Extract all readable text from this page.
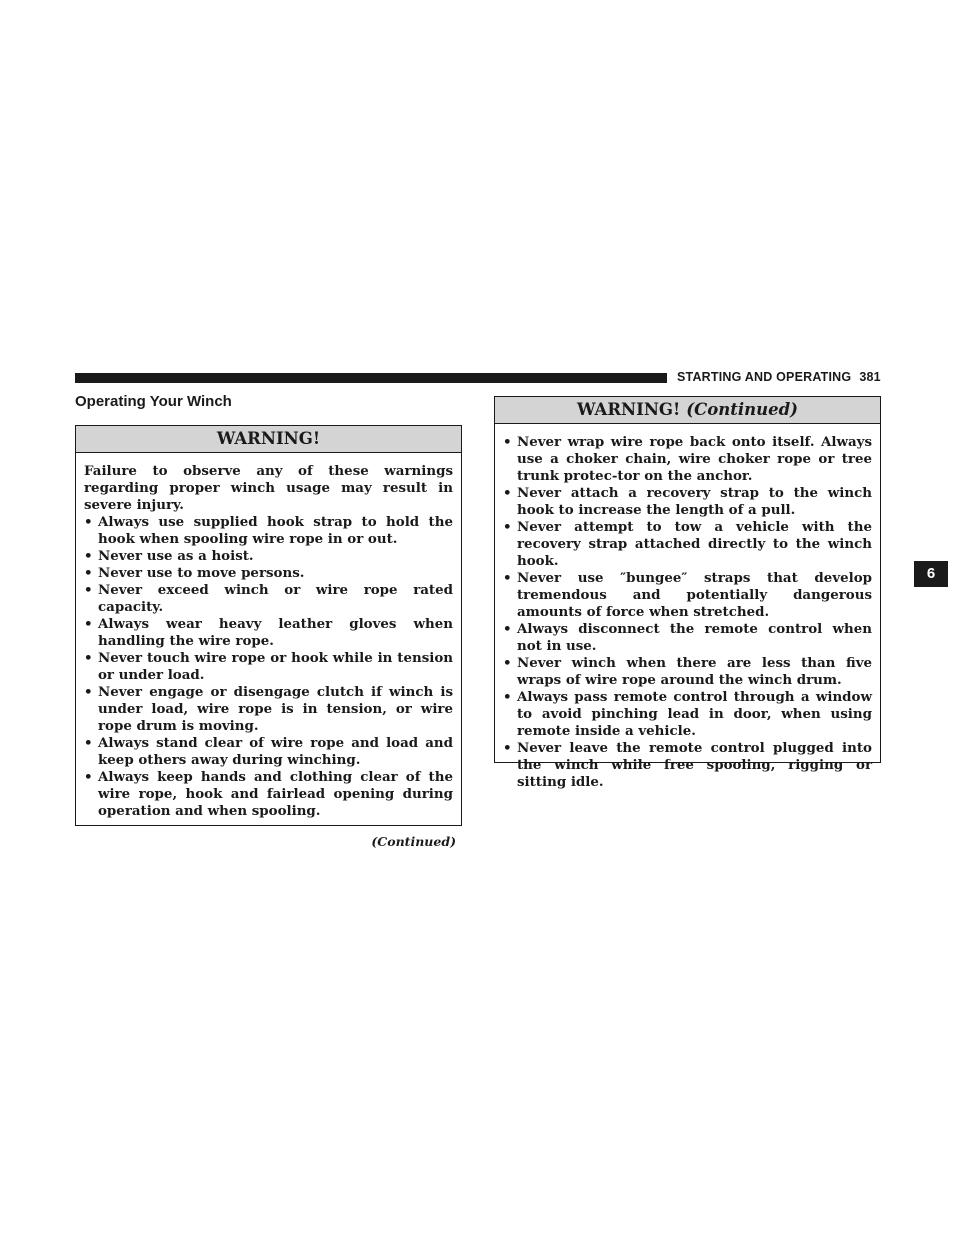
STARTING AND OPERATING 381
Operating Your Winch
WARNING!
Failure to observe any of these warnings regarding proper winch usage may result in severe injury.
• Always use supplied hook strap to hold the hook when spooling wire rope in or out.
• Never use as a hoist.
• Never use to move persons.
• Never exceed winch or wire rope rated capacity.
• Always wear heavy leather gloves when handling the wire rope.
• Never touch wire rope or hook while in tension or under load.
• Never engage or disengage clutch if winch is under load, wire rope is in tension, or wire rope drum is moving.
• Always stand clear of wire rope and load and keep others away during winching.
• Always keep hands and clothing clear of the wire rope, hook and fairlead opening during operation and when spooling.
(Continued)
WARNING! (Continued)
• Never wrap wire rope back onto itself. Always use a choker chain, wire choker rope or tree trunk protec-tor on the anchor.
• Never attach a recovery strap to the winch hook to increase the length of a pull.
• Never attempt to tow a vehicle with the recovery strap attached directly to the winch hook.
• Never use ″bungee″ straps that develop tremendous and potentially dangerous amounts of force when stretched.
• Always disconnect the remote control when not in use.
• Never winch when there are less than five wraps of wire rope around the winch drum.
• Always pass remote control through a window to avoid pinching lead in door, when using remote inside a vehicle.
• Never leave the remote control plugged into the winch while free spooling, rigging or sitting idle.
6
